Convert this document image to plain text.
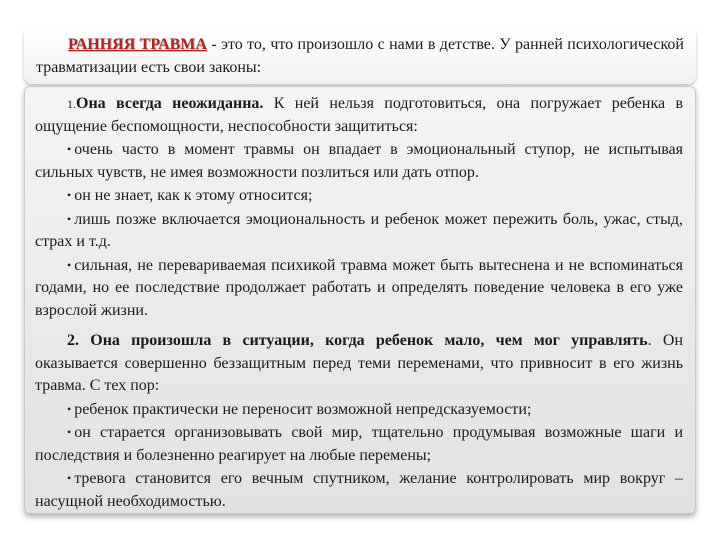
РАННЯЯ ТРАВМА - это то, что произошло с нами в детстве. У ранней психологической травматизации есть свои законы:

1.Она всегда неожиданна. К ней нельзя подготовиться, она погружает ребенка в ощущение беспомощности, неспособности защититься:

• очень часто в момент травмы он впадает в эмоциональный ступор, не испытывая сильных чувств, не имея возможности позлиться или дать отпор.

• он не знает, как к этому относится;

• лишь позже включается эмоциональность и ребенок может пережить боль, ужас, стыд, страх и т.д.

• сильная, не перевариваемая психикой травма может быть вытеснена и не вспоминаться годами, но ее последствие продолжает работать и определять поведение человека в его уже взрослой жизни.

2. Она произошла в ситуации, когда ребенок мало, чем мог управлять. Он оказывается совершенно беззащитным перед теми переменами, что привносит в его жизнь травма. С тех пор:

• ребенок практически не переносит возможной непредсказуемости;

• он старается организовывать свой мир, тщательно продумывая возможные шаги и последствия и болезненно реагирует на любые перемены;

• тревога становится его вечным спутником, желание контролировать мир вокруг – насущной необходимостью.
